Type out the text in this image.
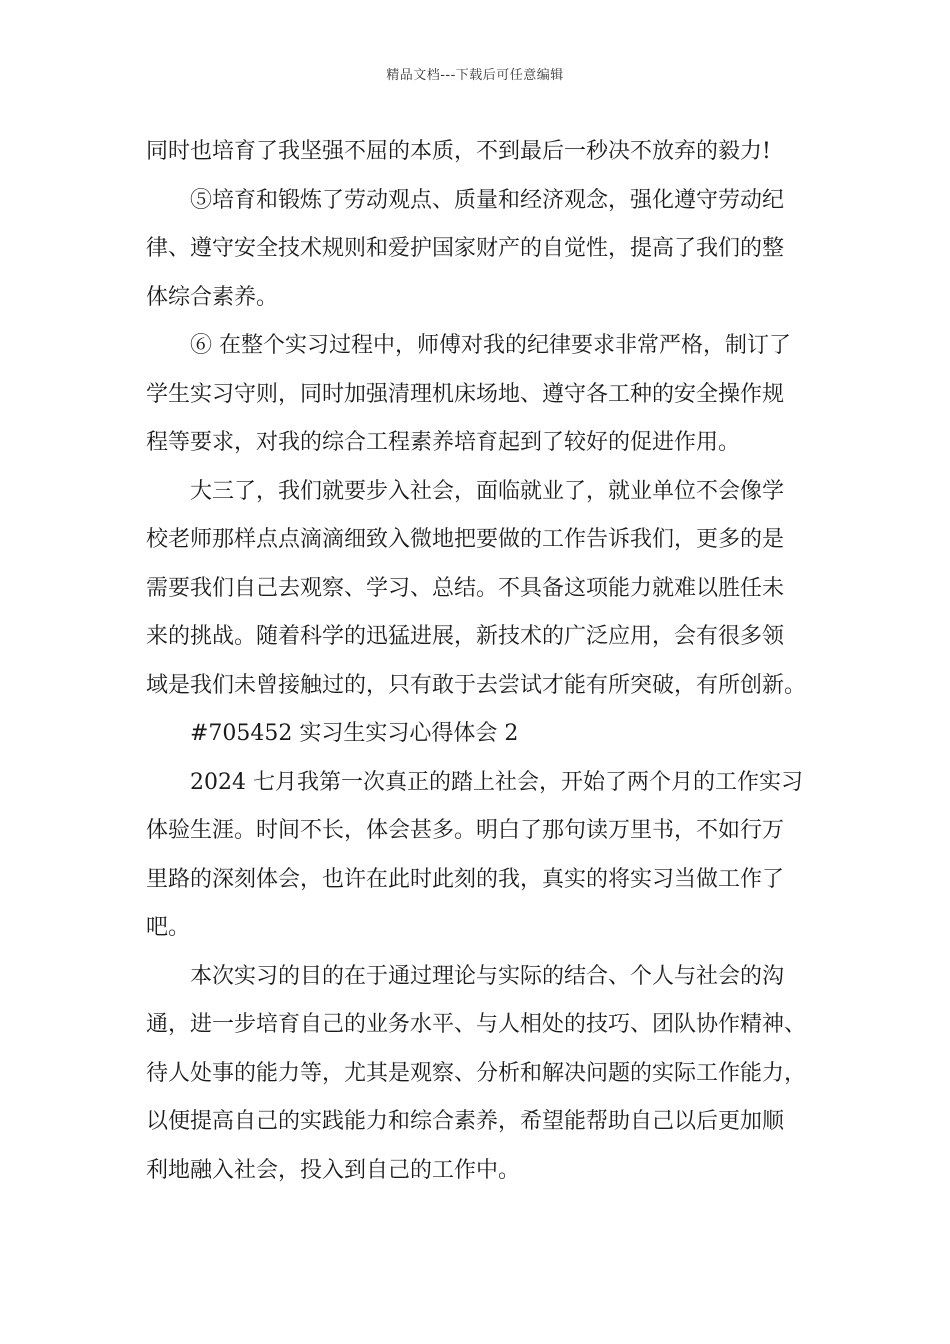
精品文档---下载后可任意编辑
同时也培育了我坚强不屈的本质，不到最后一秒决不放弃的毅力!
⑤培育和锻炼了劳动观点、质量和经济观念，强化遵守劳动纪
律、遵守安全技术规则和爱护国家财产的自觉性，提高了我们的整
体综合素养。
⑥ 在整个实习过程中，师傅对我的纪律要求非常严格，制订了
学生实习守则，同时加强清理机床场地、遵守各工种的安全操作规
程等要求，对我的综合工程素养培育起到了较好的促进作用。
大三了，我们就要步入社会，面临就业了，就业单位不会像学
校老师那样点点滴滴细致入微地把要做的工作告诉我们，更多的是
需要我们自己去观察、学习、总结。不具备这项能力就难以胜任未
来的挑战。随着科学的迅猛进展，新技术的广泛应用，会有很多领
域是我们未曾接触过的，只有敢于去尝试才能有所突破，有所创新。
#705452 实习生实习心得体会 2
2024 七月我第一次真正的踏上社会，开始了两个月的工作实习
体验生涯。时间不长，体会甚多。明白了那句读万里书，不如行万
里路的深刻体会，也许在此时此刻的我，真实的将实习当做工作了
吧。
本次实习的目的在于通过理论与实际的结合、个人与社会的沟
通，进一步培育自己的业务水平、与人相处的技巧、团队协作精神、
待人处事的能力等，尤其是观察、分析和解决问题的实际工作能力，
以便提高自己的实践能力和综合素养，希望能帮助自己以后更加顺
利地融入社会，投入到自己的工作中。
